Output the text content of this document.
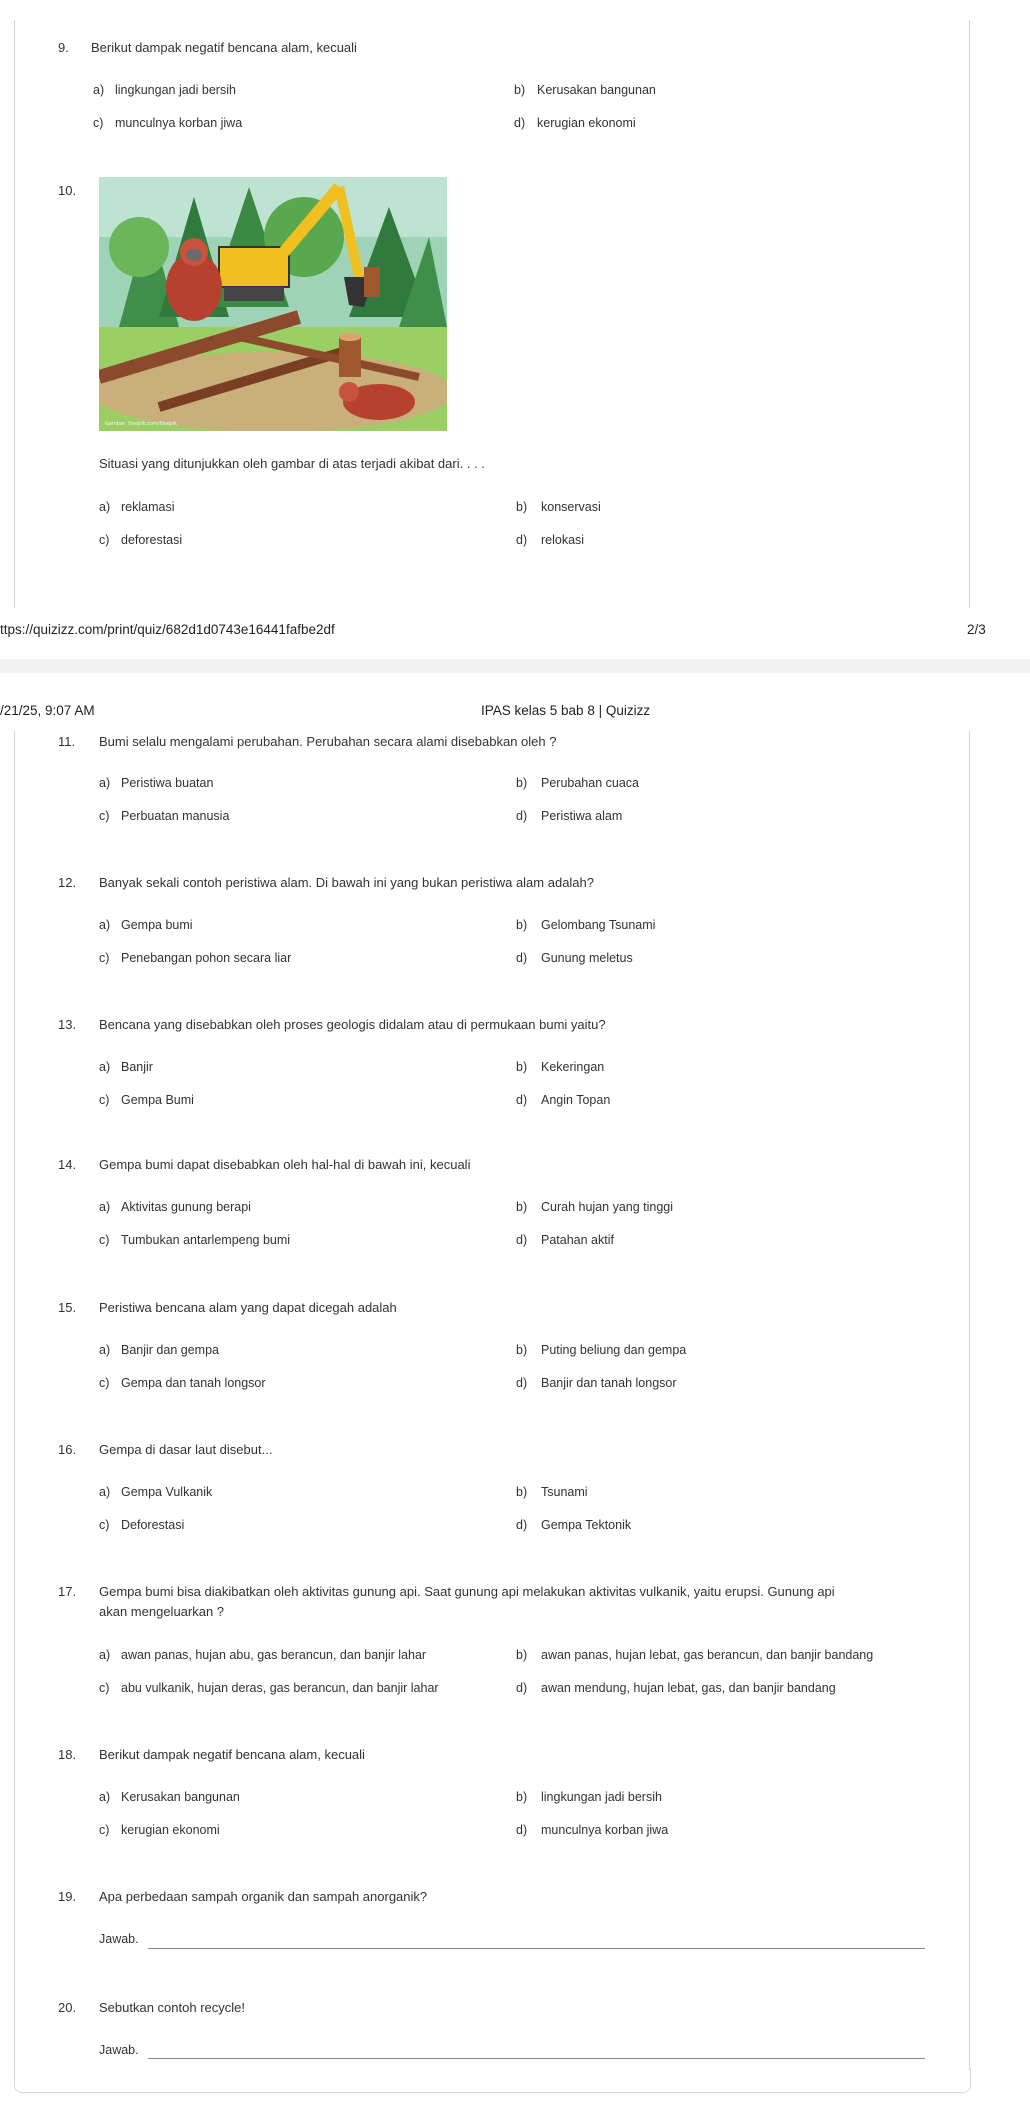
9. Berikut dampak negatif bencana alam, kecuali
a) lingkungan jadi bersih	b) Kerusakan bangunan
c) munculnya korban jiwa	d) kerugian ekonomi
10.
Gambar: freepik.com/freepik
Situasi yang ditunjukkan oleh gambar di atas terjadi akibat dari. . . .
a) reklamasi	b) konservasi
c) deforestasi	d) relokasi
ttps://quizizz.com/print/quiz/682d1d0743e16441fafbe2df	2/3
/21/25, 9:07 AM	IPAS kelas 5 bab 8 | Quizizz
11. Bumi selalu mengalami perubahan. Perubahan secara alami disebabkan oleh ?
a) Peristiwa buatan	b) Perubahan cuaca
c) Perbuatan manusia	d) Peristiwa alam
12. Banyak sekali contoh peristiwa alam. Di bawah ini yang bukan peristiwa alam adalah?
a) Gempa bumi	b) Gelombang Tsunami
c) Penebangan pohon secara liar	d) Gunung meletus
13. Bencana yang disebabkan oleh proses geologis didalam atau di permukaan bumi yaitu?
a) Banjir	b) Kekeringan
c) Gempa Bumi	d) Angin Topan
14. Gempa bumi dapat disebabkan oleh hal-hal di bawah ini, kecuali
a) Aktivitas gunung berapi	b) Curah hujan yang tinggi
c) Tumbukan antarlempeng bumi	d) Patahan aktif
15. Peristiwa bencana alam yang dapat dicegah adalah
a) Banjir dan gempa	b) Puting beliung dan gempa
c) Gempa dan tanah longsor	d) Banjir dan tanah longsor
16. Gempa di dasar laut disebut...
a) Gempa Vulkanik	b) Tsunami
c) Deforestasi	d) Gempa Tektonik
17. Gempa bumi bisa diakibatkan oleh aktivitas gunung api. Saat gunung api melakukan aktivitas vulkanik, yaitu erupsi. Gunung api
akan mengeluarkan ?
a) awan panas, hujan abu, gas berancun, dan banjir lahar	b) awan panas, hujan lebat, gas berancun, dan banjir bandang
c) abu vulkanik, hujan deras, gas berancun, dan banjir lahar	d) awan mendung, hujan lebat, gas, dan banjir bandang
18. Berikut dampak negatif bencana alam, kecuali
a) Kerusakan bangunan	b) lingkungan jadi bersih
c) kerugian ekonomi	d) munculnya korban jiwa
19. Apa perbedaan sampah organik dan sampah anorganik?
Jawab.
20. Sebutkan contoh recycle!
Jawab.
